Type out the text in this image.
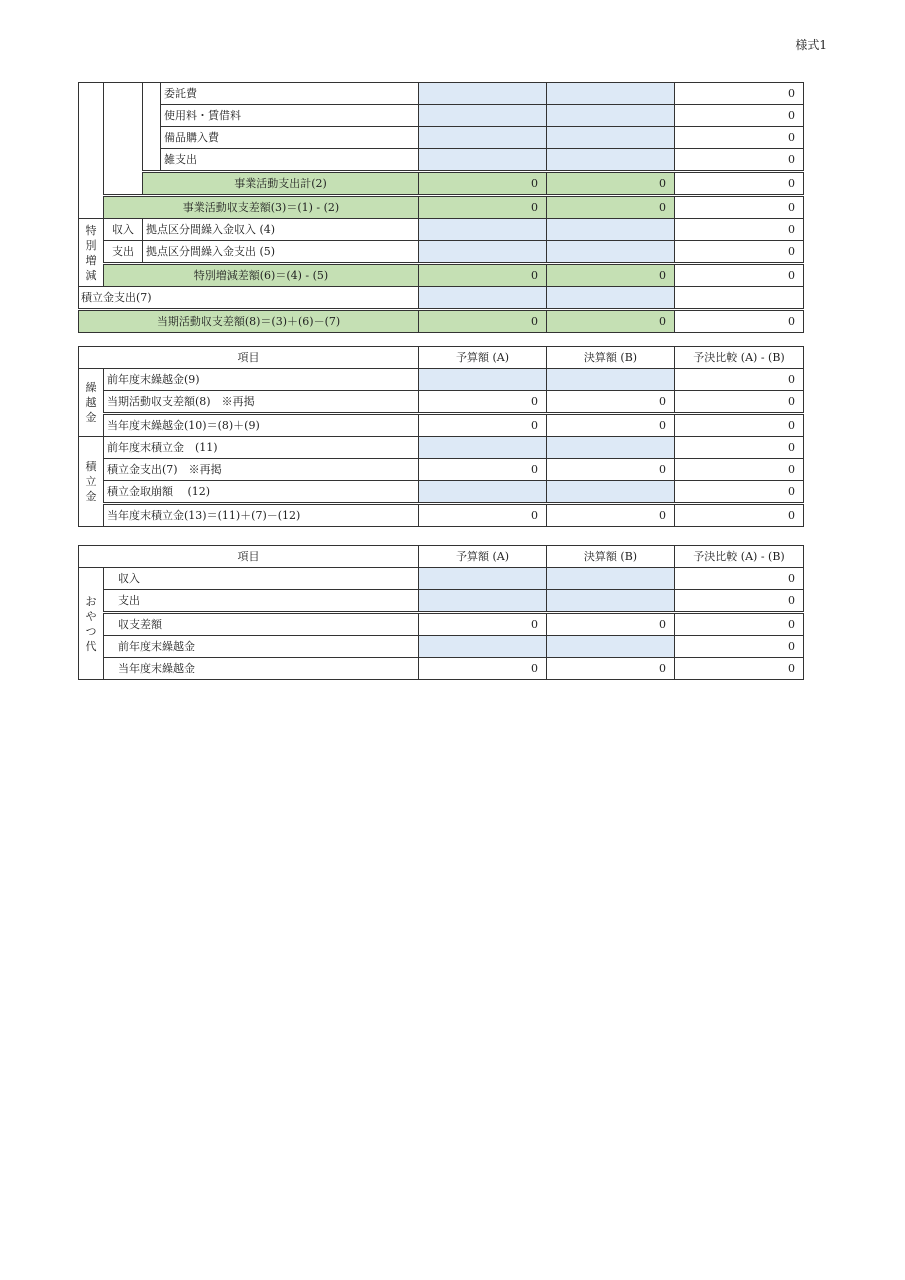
様式1
			委託費			0
			使用料・賃借料			0
			備品購入費			0
			雑支出			0
		事業活動支出計(2)		0	0	0
	事業活動収支差額(3)＝(1) - (2)			0	0	0

特
別
増
減	収入	拠点区分間繰入金収入 (4)				0
	支出	拠点区分間繰入金支出 (5)				0
	特別増減差額(6)＝(4) - (5)			0	0	0
積立金支出(7)						
当期活動収支差額(8)＝(3)＋(6)－(7)				0	0	0
項目		予算額 (A)	決算額 (B)	予決比較 (A) - (B)

繰
越
金	前年度末繰越金(9)			0
	当期活動収支差額(8)　※再掲	0	0	0
	当年度末繰越金(10)＝(8)＋(9)	0	0	0

積
立
金	前年度末積立金　(11)			0
	積立金支出(7)　※再掲	0	0	0
	積立金取崩額　 (12)			0
	当年度末積立金(13)＝(11)＋(7)－(12)	0	0	0
項目		予算額 (A)	決算額 (B)	予決比較 (A) - (B)

お
や
つ
代	収入			0
	支出			0
	収支差額	0	0	0
	前年度末繰越金			0
	当年度末繰越金	0	0	0
